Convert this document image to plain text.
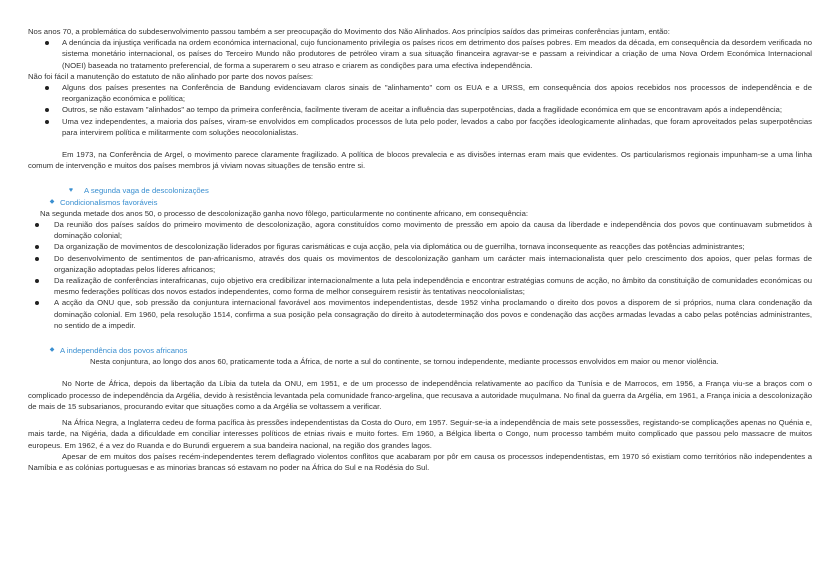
Nos anos 70, a problemática do subdesenvolvimento passou também a ser preocupação do Movimento dos Não Alinhados. Aos princípios saídos das primeiras conferências juntam, então:

A denúncia da injustiça verificada na ordem económica internacional, cujo funcionamento privilegia os países ricos em detrimento dos países pobres. Em meados da década, em consequência da desordem verificada no sistema monetário internacional, os países do Terceiro Mundo não produtores de petróleo viram a sua situação financeira agravar-se e passam a reivindicar a criação de uma Nova Ordem Económica Internacional (NOEI) baseada no tratamento preferencial, de forma a superarem o seu atraso e criarem as condições para uma efectiva independência.

Não foi fácil a manutenção do estatuto de não alinhado por parte dos novos países:

Alguns dos países presentes na Conferência de Bandung evidenciavam claros sinais de "alinhamento" com os EUA e a URSS, em consequência dos apoios recebidos nos processos de independência e de reorganização económica e política;
Outros, se não estavam "alinhados" ao tempo da primeira conferência, facilmente tiveram de aceitar a influência das superpotências, dada a fragilidade económica em que se encontravam após a independência;
Uma vez independentes, a maioria dos países, viram-se envolvidos em complicados processos de luta pelo poder, levados a cabo por facções ideologicamente alinhadas, que foram aproveitados pelas superpotências para intervirem política e militarmente com soluções neocolonialistas.

Em 1973, na Conferência de Argel, o movimento parece claramente fragilizado. A política de blocos prevalecia e as divisões internas eram mais que evidentes. Os particularismos regionais impunham-se a uma linha comum de intervenção e muitos dos países membros já viviam novas situações de tensão entre si.

♥	A segunda vaga de descolonizações
◆ Condicionalismos favoráveis

Na segunda metade dos anos 50, o processo de descolonização ganha novo fôlego, particularmente no continente africano, em consequência:

Da reunião dos países saídos do primeiro movimento de descolonização, agora constituídos como movimento de pressão em apoio da causa da liberdade e independência dos povos que continuavam submetidos à dominação colonial;
Da organização de movimentos de descolonização liderados por figuras carismáticas e cuja acção, pela via diplomática ou de guerrilha, tornava inconsequente as reacções das potências administrantes;
Do desenvolvimento de sentimentos de pan-africanismo, através dos quais os movimentos de descolonização ganham um carácter mais internacionalista quer pelo crescimento dos apoios, quer pelas formas de organização adoptadas pelos líderes africanos;
Da realização de conferências interafricanas, cujo objetivo era credibilizar internacionalmente a luta pela independência e encontrar estratégias comuns de acção, no âmbito da constituição de comunidades económicas ou mesmo federações políticas dos novos estados independentes, como forma de melhor conseguirem resistir às tentativas neocolonialistas;
A acção da ONU que, sob pressão da conjuntura internacional favorável aos movimentos independentistas, desde 1952 vinha proclamando o direito dos povos a disporem de si próprios, numa clara condenação da dominação colonial. Em 1960, pela resolução 1514, confirma a sua posição pela consagração do direito à autodeterminação dos povos e condenação das acções armadas levadas a cabo pelas potências administrantes, no sentido de a impedir.
◆ A independência dos povos africanos

Nesta conjuntura, ao longo dos anos 60, praticamente toda a África, de norte a sul do continente, se tornou independente, mediante processos envolvidos em maior ou menor violência.

No Norte de África, depois da libertação da Líbia da tutela da ONU, em 1951, e de um processo de independência relativamente ao pacífico da Tunísia e de Marrocos, em 1956, a França viu-se a braços com o complicado processo de independência da Argélia, devido à resistência levantada pela comunidade franco-argelina, que recusava a autoridade muçulmana. No final da guerra da Argélia, em 1961, a França inicia a descolonização de mais de 15 subsarianos, procurando evitar que situações como a da Argélia se voltassem a verificar.

Na África Negra, a Inglaterra cedeu de forma pacífica às pressões independentistas da Costa do Ouro, em 1957. Seguir-se-ia a independência de mais sete possessões, registando-se complicações apenas no Quénia e, mais tarde, na Nigéria, dada a dificuldade em conciliar interesses políticos de etnias rivais e muito fortes. Em 1960, a Bélgica liberta o Congo, num processo também muito complicado que passou pelo massacre de muitos europeus. Em 1962, é a vez do Ruanda e do Burundi erguerem a sua bandeira nacional, na região dos grandes lagos.

Apesar de em muitos dos países recém-independentes terem deflagrado violentos conflitos que acabaram por pôr em causa os processos independentistas, em 1970 só existiam como territórios não independentes a Namíbia e as colónias portuguesas e as minorias brancas só estavam no poder na África do Sul e na Rodésia do Sul.
